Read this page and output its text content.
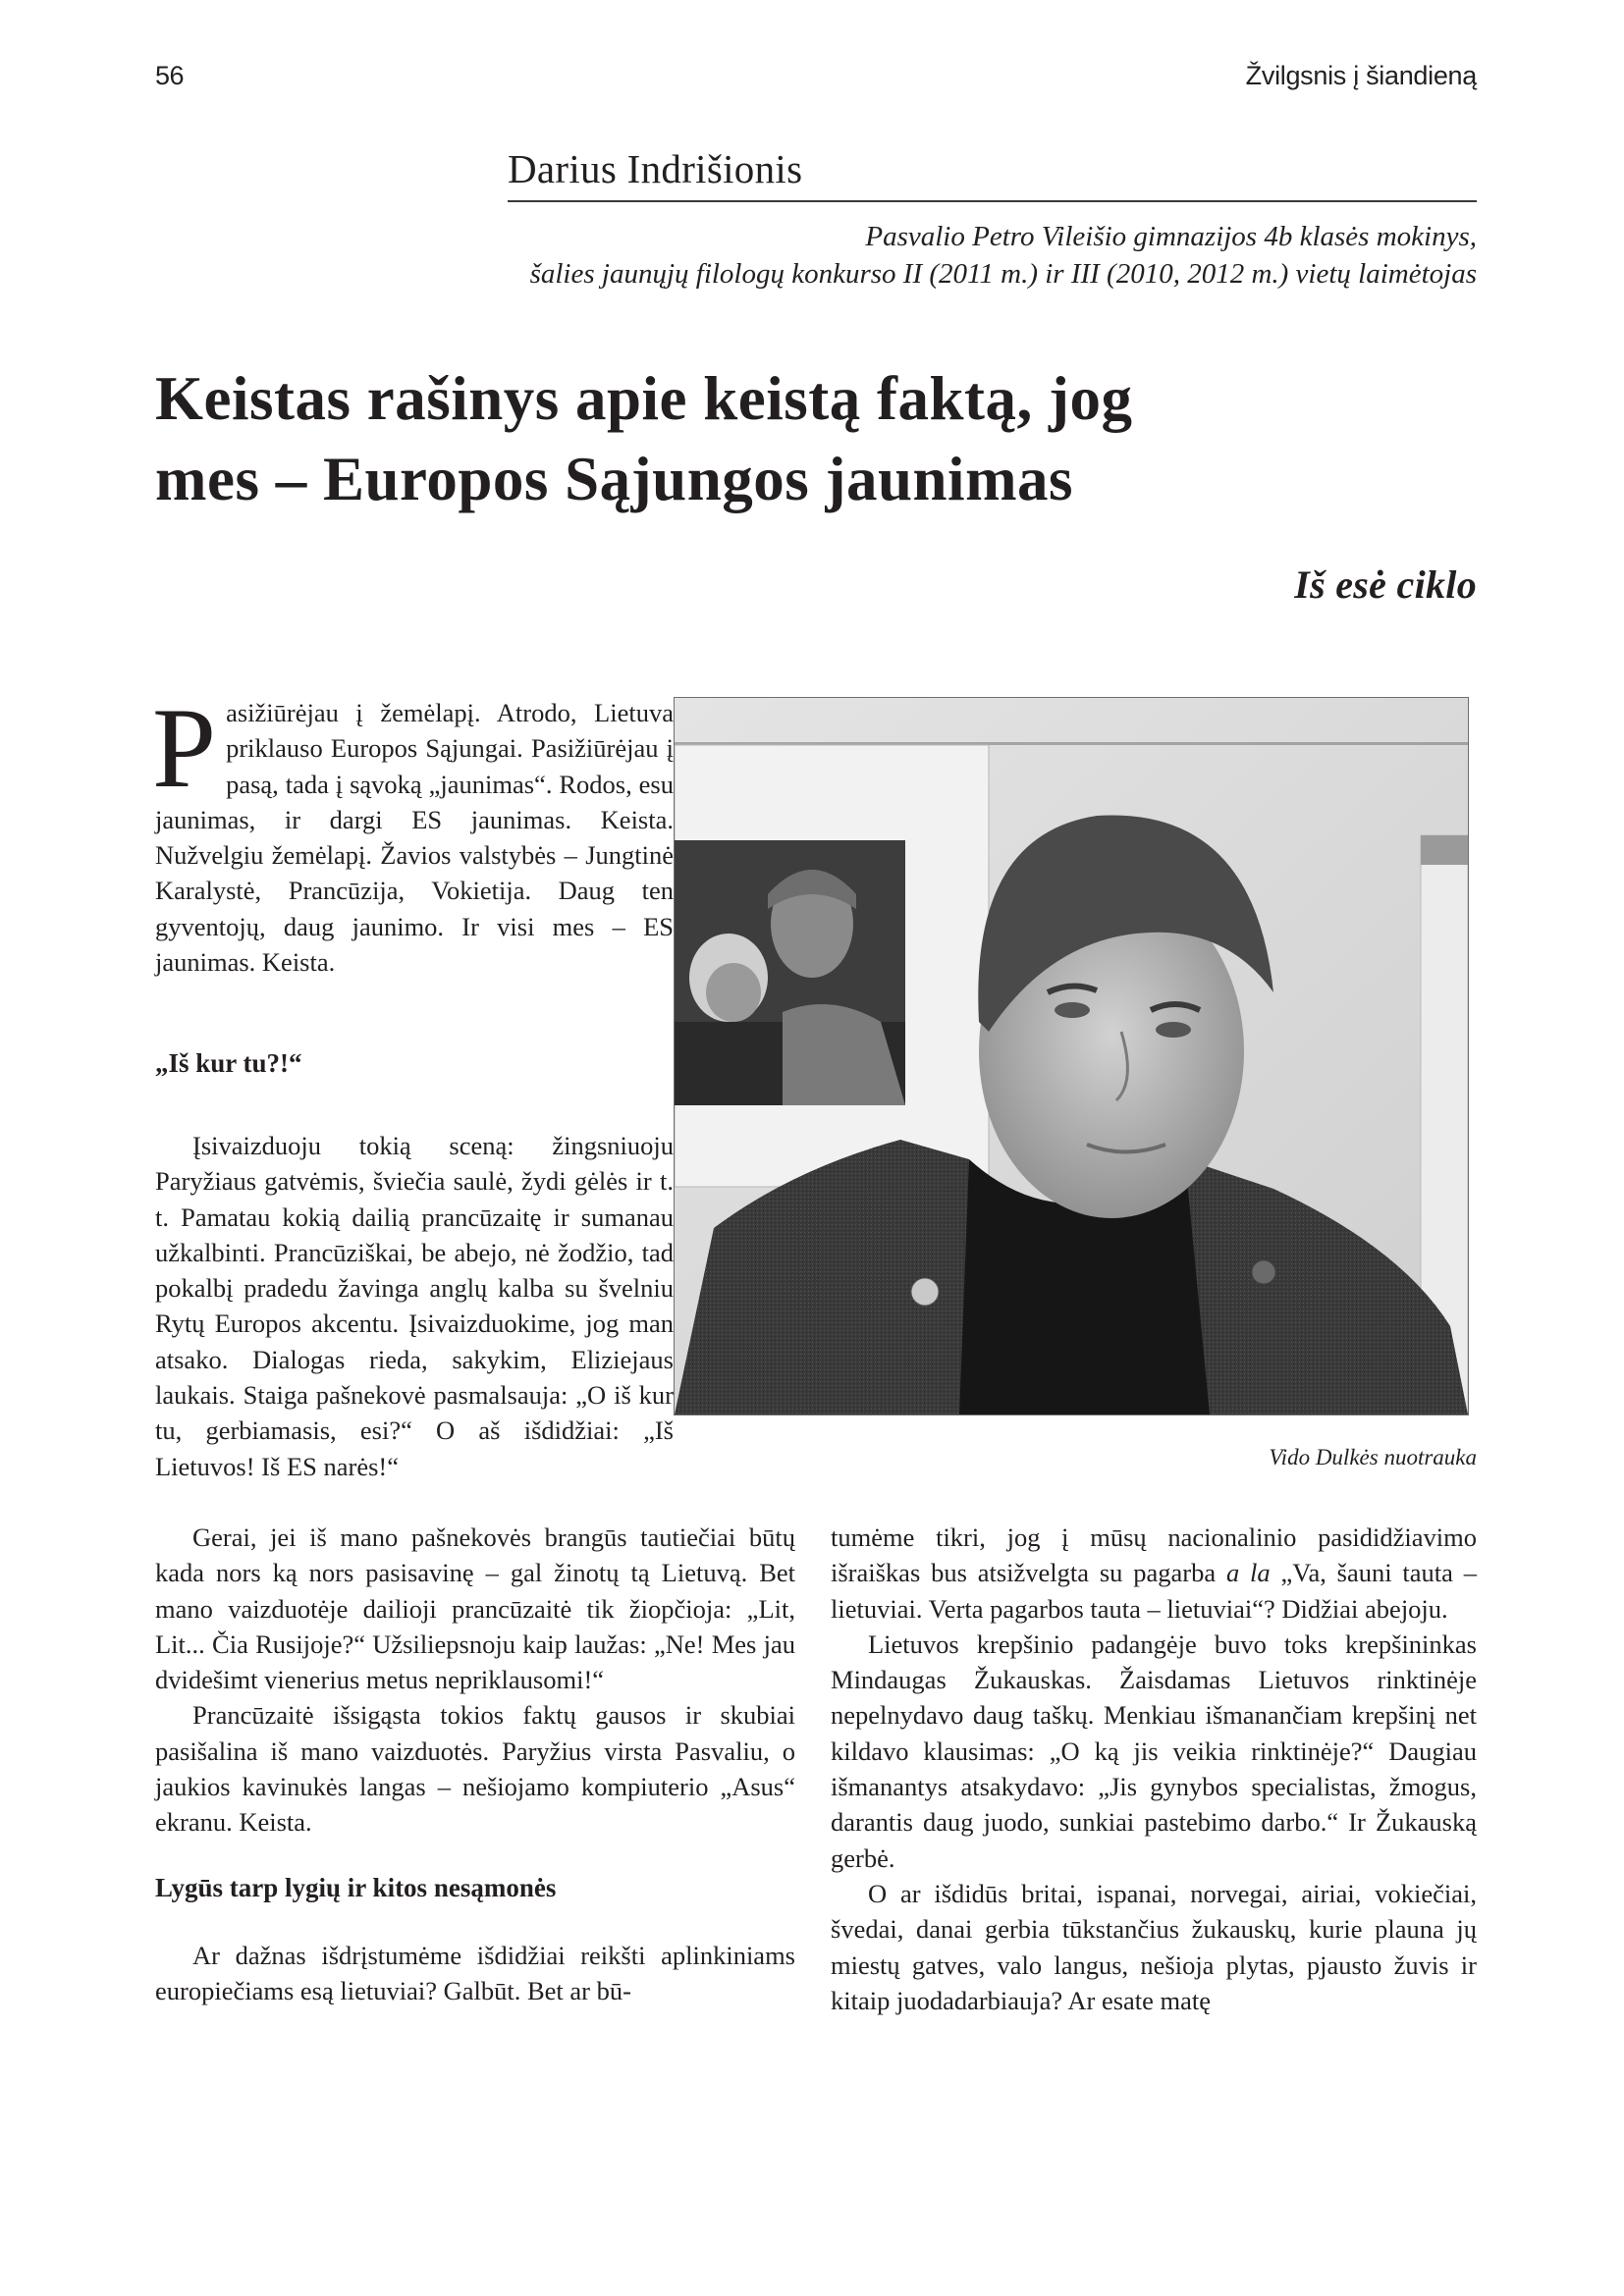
56	Žvilgsnis į šiandieną
Darius Indrišionis
Pasvalio Petro Vileišio gimnazijos 4b klasės mokinys,
šalies jaunųjų filologų konkurso II (2011 m.) ir III (2010, 2012 m.) vietų laimėtojas
Keistas rašinys apie keistą faktą, jog
mes – Europos Sąjungos jaunimas
Iš esė ciklo

Pasižiūrėjau į žemėlapį. Atrodo, Lietuva priklauso Europos Sąjungai. Pasižiūrėjau į pasą, tada į sąvoką „jaunimas“. Rodos, esu jaunimas, ir dargi ES jaunimas. Keista. Nužvelgiu žemėlapį. Žavios valstybės – Jungtinė Karalystė, Prancūzija, Vokietija. Daug ten gyventojų, daug jaunimo. Ir visi mes – ES jaunimas. Keista.

„Iš kur tu?!“

Įsivaizduoju tokią sceną: žingsniuoju Paryžiaus gatvėmis, šviečia saulė, žydi gėlės ir t. t. Pamatau kokią dailią prancūzaitę ir sumanau užkalbinti. Prancūziškai, be abejo, nė žodžio, tad pokalbį pradedu žavinga anglų kalba su švelniu Rytų Europos akcentu. Įsivaizduokime, jog man atsako. Dialogas rieda, sakykim, Eliziejaus laukais. Staiga pašnekovė pasmalsauja: „O iš kur tu, gerbiamasis, esi?“ O aš išdidžiai: „Iš Lietuvos! Iš ES narės!“	Vido Dulkės nuotrauka

Gerai, jei iš mano pašnekovės brangūs tautiečiai būtų kada nors ką nors pasisavinę – gal žinotų tą Lietuvą. Bet mano vaizduotėje dailioji prancūzaitė tik žiopčioja: „Lit, Lit... Čia Rusijoje?“ Užsiliepsnoju kaip laužas: „Ne! Mes jau dvidešimt vienerius metus nepriklausomi!“

Prancūzaitė išsigąsta tokios faktų gausos ir skubiai pasišalina iš mano vaizduotės. Paryžius virsta Pasvaliu, o jaukios kavinukės langas – nešiojamo kompiuterio „Asus“ ekranu. Keista.

Lygūs tarp lygių ir kitos nesąmonės

Ar dažnas išdrįstumėme išdidžiai reikšti aplinkiniams europiečiams esą lietuviai? Galbūt. Bet ar bū-

tumėme tikri, jog į mūsų nacionalinio pasididžiavimo išraiškas bus atsižvelgta su pagarba a la „Va, šauni tauta – lietuviai. Verta pagarbos tauta – lietuviai“? Didžiai abejoju.

Lietuvos krepšinio padangėje buvo toks krepšininkas Mindaugas Žukauskas. Žaisdamas Lietuvos rinktinėje nepelnydavo daug taškų. Menkiau išmanančiam krepšinį net kildavo klausimas: „O ką jis veikia rinktinėje?“ Daugiau išmanantys atsakydavo: „Jis gynybos specialistas, žmogus, darantis daug juodo, sunkiai pastebimo darbo.“ Ir Žukauską gerbė.

O ar išdidūs britai, ispanai, norvegai, airiai, vokiečiai, švedai, danai gerbia tūkstančius žukauskų, kurie plauna jų miestų gatves, valo langus, nešioja plytas, pjausto žuvis ir kitaip juodadarbiauja? Ar esate matę
